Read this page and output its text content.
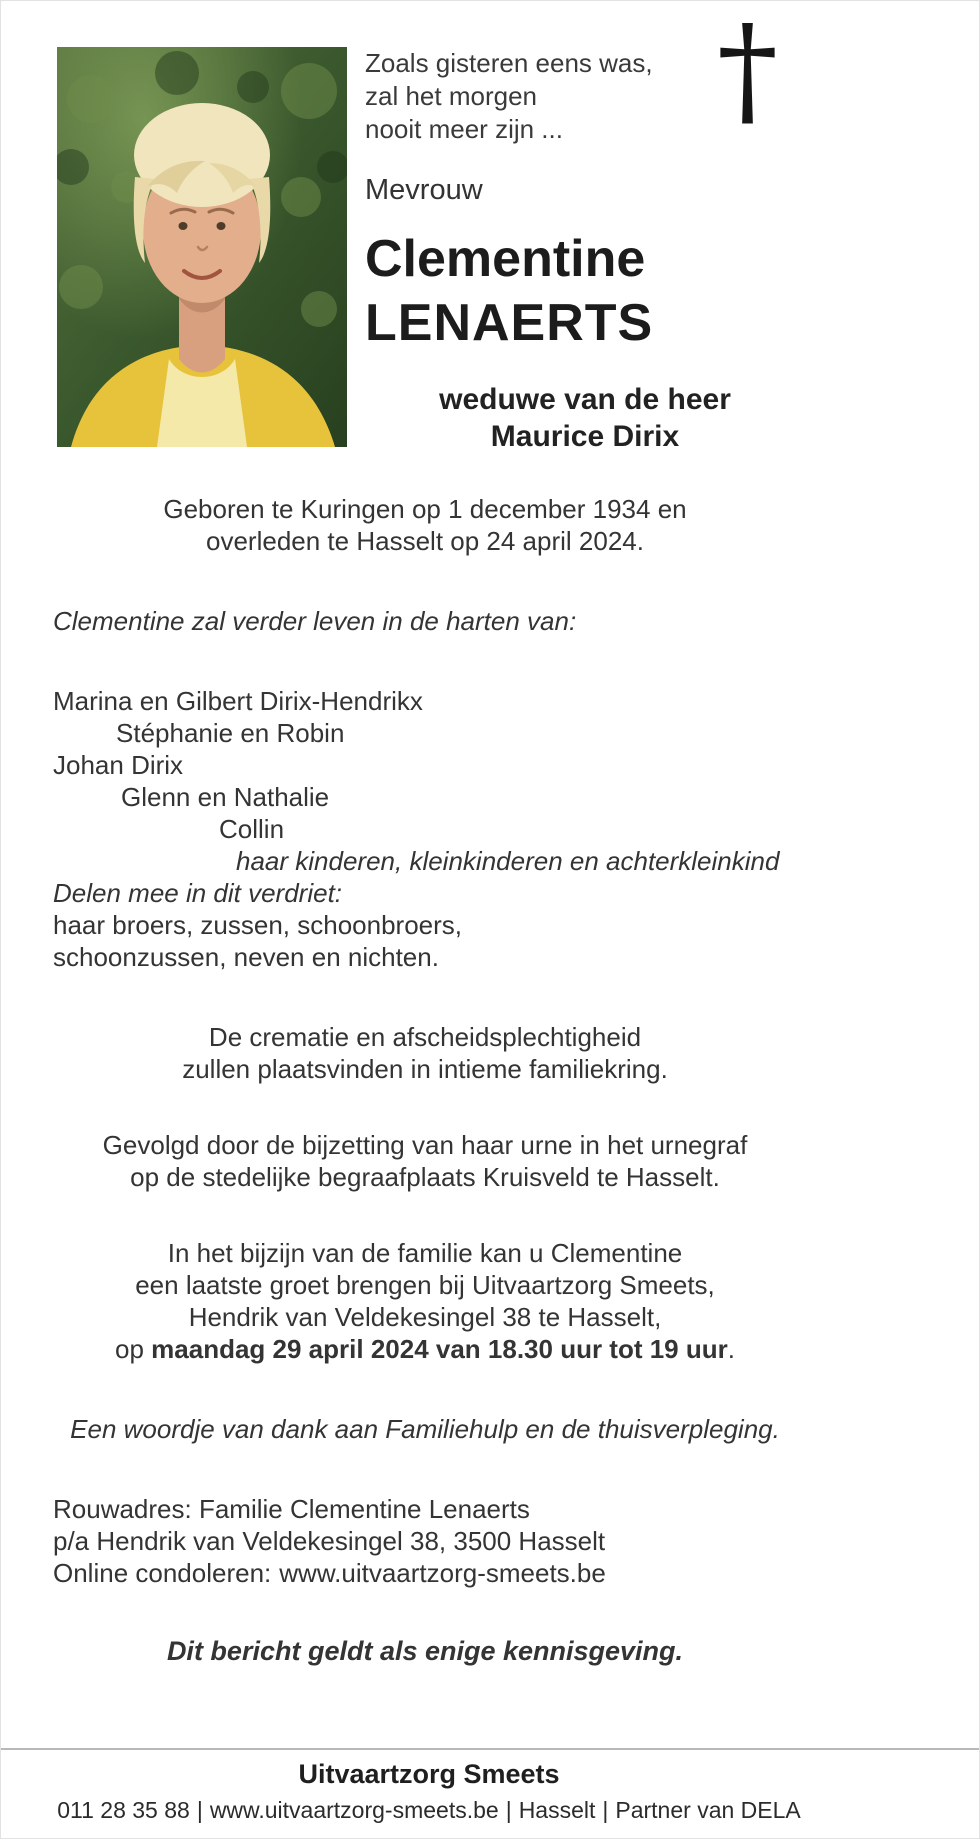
Zoals gisteren eens was,
zal het morgen
nooit meer zijn ...
Mevrouw
Clementine
LENAERTS
weduwe van de heer
Maurice Dirix
†
Geboren te Kuringen op 1 december 1934 en
overleden te Hasselt op 24 april 2024.
Clementine zal verder leven in de harten van:
Marina en Gilbert Dirix-Hendrikx
Stéphanie en Robin
Johan Dirix
Glenn en Nathalie
Collin
haar kinderen, kleinkinderen en achterkleinkind
Delen mee in dit verdriet:
haar broers, zussen, schoonbroers,
schoonzussen, neven en nichten.
De crematie en afscheidsplechtigheid
zullen plaatsvinden in intieme familiekring.
Gevolgd door de bijzetting van haar urne in het urnegraf
op de stedelijke begraafplaats Kruisveld te Hasselt.
In het bijzijn van de familie kan u Clementine
een laatste groet brengen bij Uitvaartzorg Smeets,
Hendrik van Veldekesingel 38 te Hasselt,
op maandag 29 april 2024 van 18.30 uur tot 19 uur.
Een woordje van dank aan Familiehulp en de thuisverpleging.
Rouwadres: Familie Clementine Lenaerts
p/a Hendrik van Veldekesingel 38, 3500 Hasselt
Online condoleren: www.uitvaartzorg-smeets.be
Dit bericht geldt als enige kennisgeving.
Uitvaartzorg Smeets
011 28 35 88 | www.uitvaartzorg-smeets.be | Hasselt | Partner van DELA
